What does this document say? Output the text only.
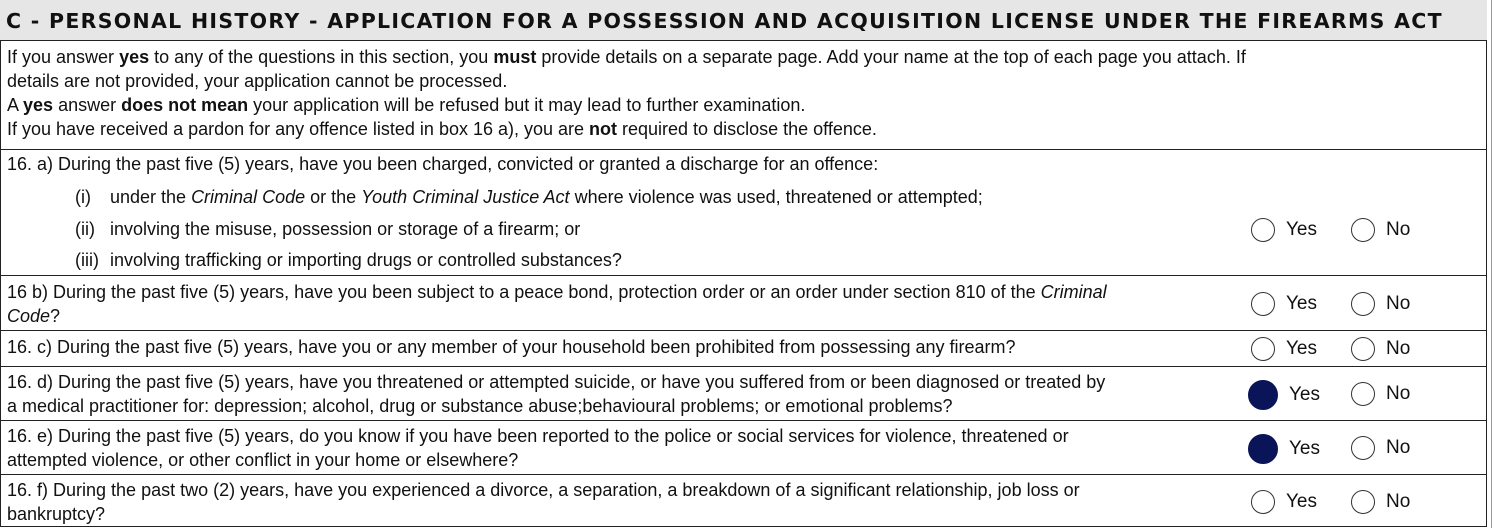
C - PERSONAL HISTORY - APPLICATION FOR A POSSESSION AND ACQUISITION LICENSE UNDER THE FIREARMS ACT
If you answer yes to any of the questions in this section, you must provide details on a separate page. Add your name at the top of each page you attach. If
details are not provided, your application cannot be processed.
A yes answer does not mean your application will be refused but it may lead to further examination.
If you have received a pardon for any offence listed in box 16 a), you are not required to disclose the offence.
16. a) During the past five (5) years, have you been charged, convicted or granted a discharge for an offence:
(i) under the Criminal Code or the Youth Criminal Justice Act where violence was used, threatened or attempted;
(ii) involving the misuse, possession or storage of a firearm; or
(iii) involving trafficking or importing drugs or controlled substances?
Yes	No
16 b) During the past five (5) years, have you been subject to a peace bond, protection order or an order under section 810 of the Criminal
Code?
Yes	No
16. c) During the past five (5) years, have you or any member of your household been prohibited from possessing any firearm?	Yes	No
16. d) During the past five (5) years, have you threatened or attempted suicide, or have you suffered from or been diagnosed or treated by
a medical practitioner for: depression; alcohol, drug or substance abuse;behavioural problems; or emotional problems?
Yes	No
16. e) During the past five (5) years, do you know if you have been reported to the police or social services for violence, threatened or
attempted violence, or other conflict in your home or elsewhere?
Yes	No
16. f) During the past two (2) years, have you experienced a divorce, a separation, a breakdown of a significant relationship, job loss or
bankruptcy?
Yes	No
